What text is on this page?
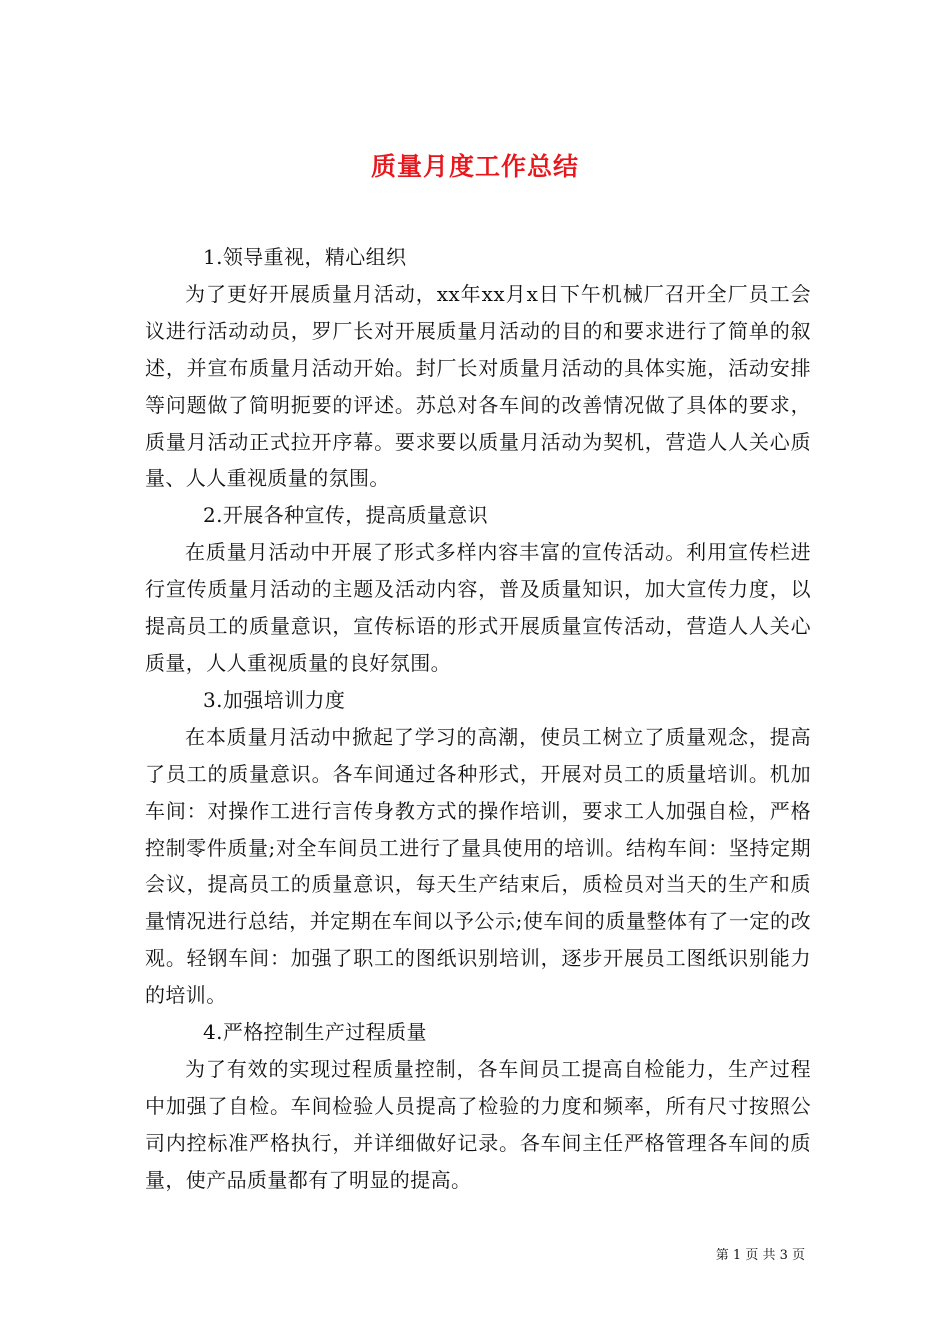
质量月度工作总结

1.领导重视，精心组织

为了更好开展质量月活动，xx年xx月x日下午机械厂召开全厂员工会议进行活动动员，罗厂长对开展质量月活动的目的和要求进行了简单的叙述，并宣布质量月活动开始。封厂长对质量月活动的具体实施，活动安排等问题做了简明扼要的评述。苏总对各车间的改善情况做了具体的要求，质量月活动正式拉开序幕。要求要以质量月活动为契机，营造人人关心质量、人人重视质量的氛围。

2.开展各种宣传，提高质量意识

在质量月活动中开展了形式多样内容丰富的宣传活动。利用宣传栏进行宣传质量月活动的主题及活动内容，普及质量知识，加大宣传力度，以提高员工的质量意识，宣传标语的形式开展质量宣传活动，营造人人关心质量，人人重视质量的良好氛围。

3.加强培训力度

在本质量月活动中掀起了学习的高潮，使员工树立了质量观念，提高了员工的质量意识。各车间通过各种形式，开展对员工的质量培训。机加车间：对操作工进行言传身教方式的操作培训，要求工人加强自检，严格控制零件质量;对全车间员工进行了量具使用的培训。结构车间：坚持定期会议，提高员工的质量意识，每天生产结束后，质检员对当天的生产和质量情况进行总结，并定期在车间以予公示;使车间的质量整体有了一定的改观。轻钢车间：加强了职工的图纸识别培训，逐步开展员工图纸识别能力的培训。

4.严格控制生产过程质量

为了有效的实现过程质量控制，各车间员工提高自检能力，生产过程中加强了自检。车间检验人员提高了检验的力度和频率，所有尺寸按照公司内控标准严格执行，并详细做好记录。各车间主任严格管理各车间的质量，使产品质量都有了明显的提高。

第 1 页 共 3 页
